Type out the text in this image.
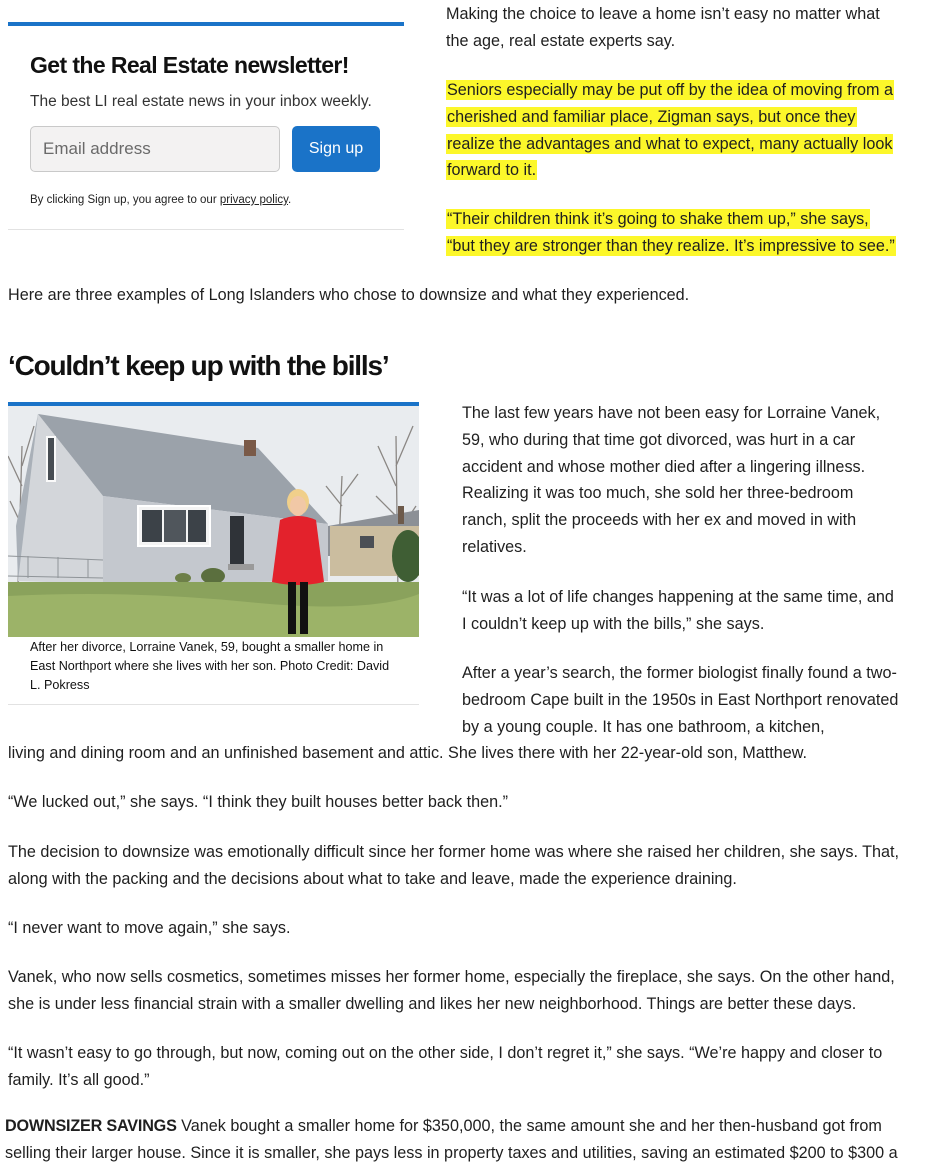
Get the Real Estate newsletter!
The best LI real estate news in your inbox weekly.
Email address
Sign up
By clicking Sign up, you agree to our privacy policy.

Making the choice to leave a home isn’t easy no matter what the age, real estate experts say.

Seniors especially may be put off by the idea of moving from a cherished and familiar place, Zigman says, but once they realize the advantages and what to expect, many actually look forward to it.

“Their children think it’s going to shake them up,” she says, “but they are stronger than they realize. It’s impressive to see.”

Here are three examples of Long Islanders who chose to downsize and what they experienced.

‘Couldn’t keep up with the bills’
After her divorce, Lorraine Vanek, 59, bought a smaller home in East Northport where she lives with her son. Photo Credit: David L. Pokress

The last few years have not been easy for Lorraine Vanek, 59, who during that time got divorced, was hurt in a car accident and whose mother died after a lingering illness. Realizing it was too much, she sold her three-bedroom ranch, split the proceeds with her ex and moved in with relatives.

“It was a lot of life changes happening at the same time, and I couldn’t keep up with the bills,” she says.

After a year’s search, the former biologist finally found a two-bedroom Cape built in the 1950s in East Northport renovated by a young couple. It has one bathroom, a kitchen,

living and dining room and an unfinished basement and attic. She lives there with her 22-year-old son, Matthew.

“We lucked out,” she says. “I think they built houses better back then.”

The decision to downsize was emotionally difficult since her former home was where she raised her children, she says. That, along with the packing and the decisions about what to take and leave, made the experience draining.

“I never want to move again,” she says.

Vanek, who now sells cosmetics, sometimes misses her former home, especially the fireplace, she says. On the other hand, she is under less financial strain with a smaller dwelling and likes her new neighborhood. Things are better these days.

“It wasn’t easy to go through, but now, coming out on the other side, I don’t regret it,” she says. “We’re happy and closer to family. It’s all good.”

DOWNSIZER SAVINGS Vanek bought a smaller home for $350,000, the same amount she and her then-husband got from selling their larger house. Since it is smaller, she pays less in property taxes and utilities, saving an estimated $200 to $300 a
